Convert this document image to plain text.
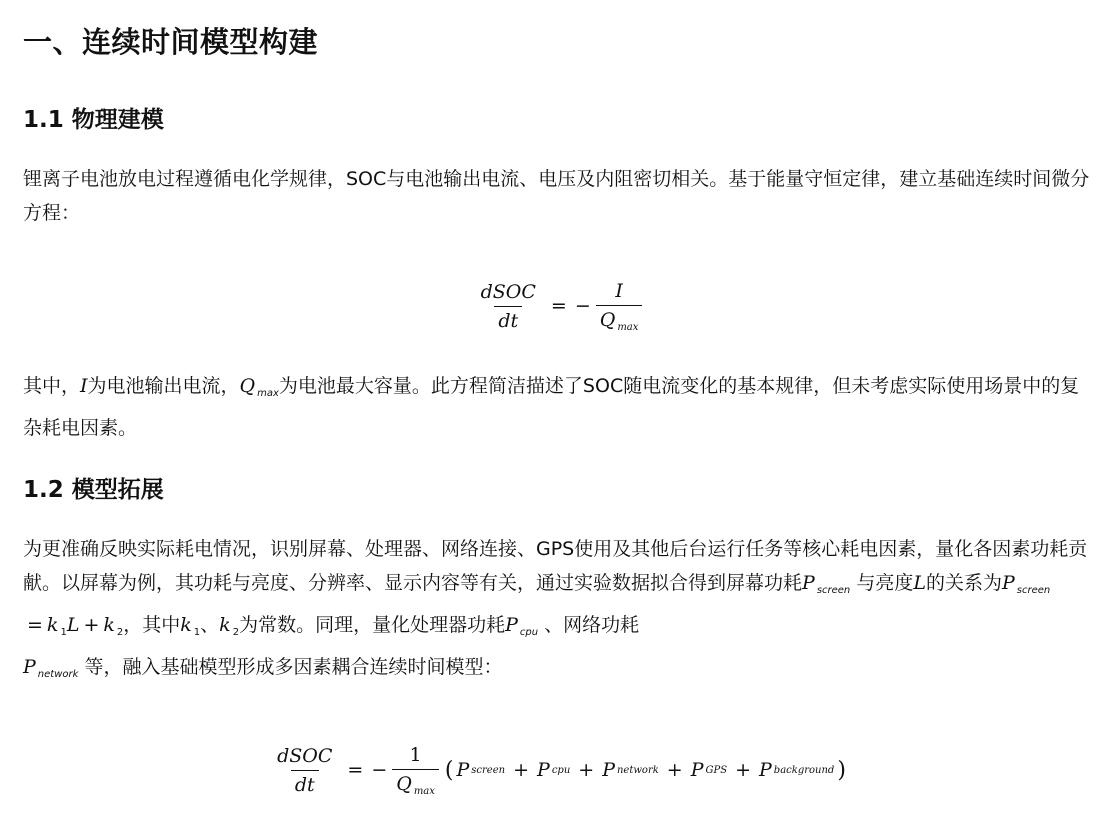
一、连续时间模型构建
1.1 物理建模

锂离子电池放电过程遵循电化学规律，SOC与电池输出电流、电压及内阻密切相关。基于能量守恒定律，建立基础连续时间微分方程：

$\frac{\text{dSOC}}{dt}$ = − $\frac{I}{Q _{max}}$

其中，I为电池输出电流，Q $_{max}$为电池最大容量。此方程简洁描述了SOC随电流变化的基本规律，但未考虑实际使用场景中的复杂耗电因素。

1.2 模型拓展

为更准确反映实际耗电情况，识别屏幕、处理器、网络连接、GPS使用及其他后台运行任务等核心耗电因素，量化各因素功耗贡献。以屏幕为例，其功耗与亮度、分辨率、显示内容等有关，通过实验数据拟合得到屏幕功耗P $_{screen}$ 与亮度L的关系为P $_{screen}$ = k $_1$L + k $_2$，其中k $_1$、k $_2$为常数。同理，量化处理器功耗P $_{cpu}$ 、网络功耗
P $_{network}$ 等，融入基础模型形成多因素耦合连续时间模型：

$\frac{\text{dSOC}}{dt}$ = − $\frac{1}{Q _{max}}$ ( P screen + P cpu + P network + P GPS + P background )
